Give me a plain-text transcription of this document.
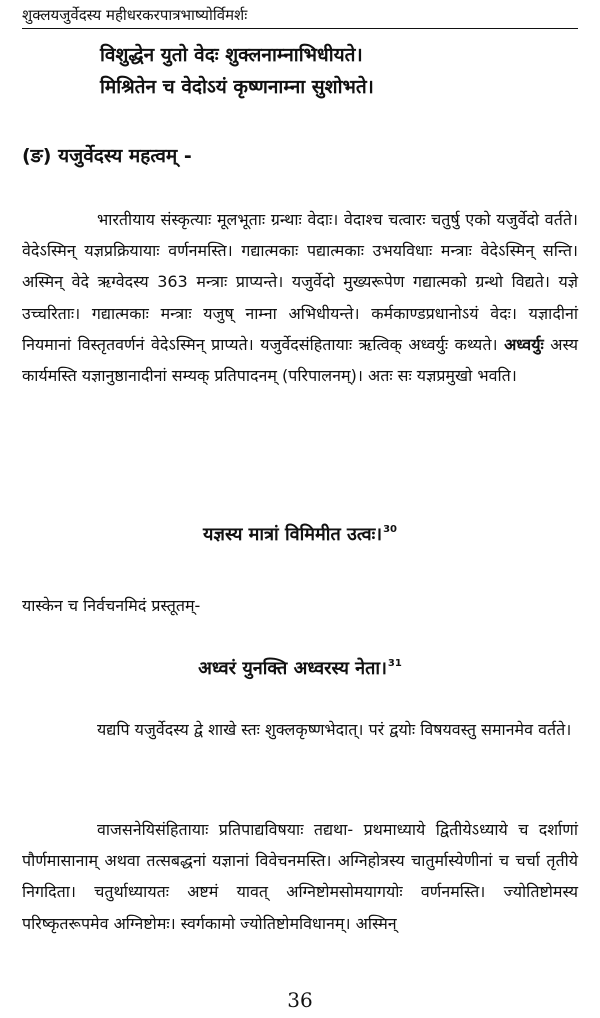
शुक्लयजुर्वेदस्य महीधरकरपात्रभाष्योर्विमर्शः
विशुद्धेन युतो वेदः शुक्लनाम्नाभिधीयते।
मिश्रितेन च वेदोऽयं कृष्णनाम्ना सुशोभते।
(ङ) यजुर्वेदस्य महत्वम् -

भारतीयाय संस्कृत्याः मूलभूताः ग्रन्थाः वेदाः। वेदाश्च चत्वारः चतुर्षु एको यजुर्वेदो वर्तते। वेदेऽस्मिन् यज्ञप्रक्रियायाः वर्णनमस्ति। गद्यात्मकाः पद्यात्मकाः उभयविधाः मन्त्राः वेदेऽस्मिन् सन्ति। अस्मिन् वेदे ऋग्वेदस्य 363 मन्त्राः प्राप्यन्ते। यजुर्वेदो मुख्यरूपेण गद्यात्मको ग्रन्थो विद्यते। यज्ञे उच्चरिताः। गद्यात्मकाः मन्त्राः यजुष् नाम्ना अभिधीयन्ते। कर्मकाण्डप्रधानोऽयं वेदः। यज्ञादीनां नियमानां विस्तृतवर्णनं वेदेऽस्मिन् प्राप्यते। यजुर्वेदसंहितायाः ऋत्विक् अध्वर्युः कथ्यते। अध्वर्युः अस्य कार्यमस्ति यज्ञानुष्ठानादीनां सम्यक् प्रतिपादनम् (परिपालनम्)। अतः सः यज्ञप्रमुखो भवति।

यज्ञस्य मात्रां विमिमीत उत्वः।$^{30}$

यास्केन च निर्वचनमिदं प्रस्तूतम्-

अध्वरं युनक्ति अध्वरस्य नेता।$^{31}$

यद्यपि यजुर्वेदस्य द्वे शाखे स्तः शुक्लकृष्णभेदात्। परं द्वयोः विषयवस्तु समानमेव वर्तते।

वाजसनेयिसंहितायाः प्रतिपाद्यविषयाः तद्यथा- प्रथमाध्याये द्वितीयेऽध्याये च दर्शाणां पौर्णमासानाम् अथवा तत्सबद्धनां यज्ञानां विवेचनमस्ति। अग्निहोत्रस्य चातुर्मास्येणीनां च चर्चा तृतीये निगदिता। चतुर्थाध्यायतः अष्टमं यावत् अग्निष्टोमसोमयागयोः वर्णनमस्ति। ज्योतिष्टोमस्य परिष्कृतरूपमेव अग्निष्टोमः। स्वर्गकामो ज्योतिष्टोमविधानम्। अस्मिन्

36
